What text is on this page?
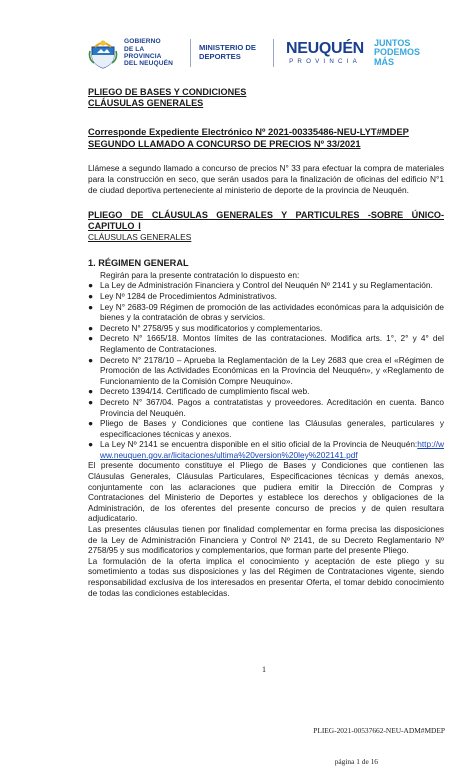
GOBIERNO
DE LA PROVINCIA
DEL NEUQUÉN
MINISTERIO DE
DEPORTES	NEUQUÉN
PROVINCIA
JUNTOS
PODEMOS
MÁS

PLIEGO DE BASES Y CONDICIONES

CLÁUSULAS GENERALES

Corresponde Expediente Electrónico Nº 2021-00335486-NEU-LYT#MDEP

SEGUNDO LLAMADO A CONCURSO DE PRECIOS Nº 33/2021

Llámese a segundo llamado a concurso de precios N° 33 para efectuar la compra de materiales para la construcción en seco, que serán usados para la finalización de oficinas del edificio N°1 de ciudad deportiva perteneciente al ministerio de deporte de la provincia de Neuquén.

PLIEGO DE CLÁUSULAS GENERALES Y PARTICULRES -SOBRE ÚNICO- CAPITULO I

CLÁUSULAS GENERALES

1. RÉGIMEN GENERAL

Regirán para la presente contratación lo dispuesto en:

● La Ley de Administración Financiera y Control del Neuquén Nº 2141 y su Reglamentación.
● Ley Nº 1284 de Procedimientos Administrativos.
● Ley N° 2683-09 Régimen de promoción de las actividades económicas para la adquisición de bienes y la contratación de obras y servicios.
● Decreto N° 2758/95 y sus modificatorios y complementarios.
● Decreto N° 1665/18. Montos límites de las contrataciones. Modifica arts. 1°, 2° y 4° del Reglamento de Contrataciones.
● Decreto N° 2178/10 – Aprueba la Reglamentación de la Ley 2683 que crea el «Régimen de Promoción de las Actividades Económicas en la Provincia del Neuquén», y «Reglamento de Funcionamiento de la Comisión Compre Neuquino».
● Decreto 1394/14. Certificado de cumplimiento fiscal web.
● Decreto N° 367/04. Pagos a contratatistas y proveedores. Acreditación en cuenta. Banco Provincia del Neuquén.
● Pliego de Bases y Condiciones que contiene las Cláusulas generales, particulares y especificaciones técnicas y anexos.
● La Ley Nº 2141 se encuentra disponible en el sitio oficial de la Provincia de Neuquén:http://www.neuquen.gov.ar/licitaciones/ultima%20version%20ley%202141.pdf

El presente documento constituye el Pliego de Bases y Condiciones que contienen las Cláusulas Generales, Cláusulas Particulares, Especificaciones técnicas y demás anexos, conjuntamente con las aclaraciones que pudiera emitir la Dirección de Compras y Contrataciones del Ministerio de Deportes y establece los derechos y obligaciones de la Administración, de los oferentes del presente concurso de precios y de quien resultara adjudicatario.

Las presentes cláusulas tienen por finalidad complementar en forma precisa las disposiciones de la Ley de Administración Financiera y Control Nº 2141, de su Decreto Reglamentario Nº 2758/95 y sus modificatorios y complementarios, que forman parte del presente Pliego.

La formulación de la oferta implica el conocimiento y aceptación de este pliego y su sometimiento a todas sus disposiciones y las del Régimen de Contrataciones vigente, siendo responsabilidad exclusiva de los interesados en presentar Oferta, el tomar debido conocimiento de todas las condiciones establecidas.

1
PLIEG-2021-00537662-NEU-ADM#MDEP
página 1 de 16
